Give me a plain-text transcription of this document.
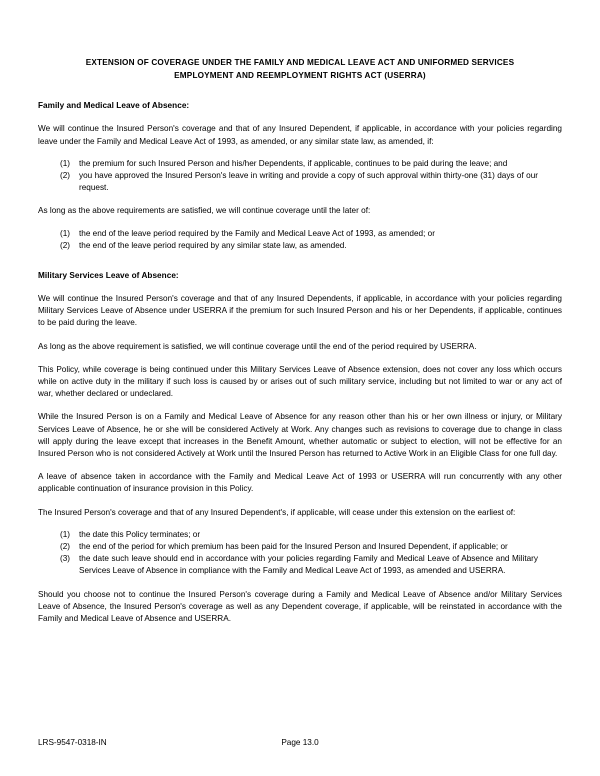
EXTENSION OF COVERAGE UNDER THE FAMILY AND MEDICAL LEAVE ACT AND UNIFORMED SERVICES
EMPLOYMENT AND REEMPLOYMENT RIGHTS ACT (USERRA)
Family and Medical Leave of Absence:

We will continue the Insured Person's coverage and that of any Insured Dependent, if applicable, in accordance with your policies regarding leave under the Family and Medical Leave Act of 1993, as amended, or any similar state law, as amended, if:

(1)	the premium for such Insured Person and his/her Dependents, if applicable, continues to be paid during the leave; and
(2)	you have approved the Insured Person's leave in writing and provide a copy of such approval within thirty-one (31) days of our request.

As long as the above requirements are satisfied, we will continue coverage until the later of:

(1)	the end of the leave period required by the Family and Medical Leave Act of 1993, as amended; or
(2)	the end of the leave period required by any similar state law, as amended.
Military Services Leave of Absence:

We will continue the Insured Person's coverage and that of any Insured Dependents, if applicable, in accordance with your policies regarding Military Services Leave of Absence under USERRA if the premium for such Insured Person and his or her Dependents, if applicable, continues to be paid during the leave.

As long as the above requirement is satisfied, we will continue coverage until the end of the period required by USERRA.

This Policy, while coverage is being continued under this Military Services Leave of Absence extension, does not cover any loss which occurs while on active duty in the military if such loss is caused by or arises out of such military service, including but not limited to war or any act of war, whether declared or undeclared.

While the Insured Person is on a Family and Medical Leave of Absence for any reason other than his or her own illness or injury, or Military Services Leave of Absence, he or she will be considered Actively at Work. Any changes such as revisions to coverage due to change in class will apply during the leave except that increases in the Benefit Amount, whether automatic or subject to election, will not be effective for an Insured Person who is not considered Actively at Work until the Insured Person has returned to Active Work in an Eligible Class for one full day.

A leave of absence taken in accordance with the Family and Medical Leave Act of 1993 or USERRA will run concurrently with any other applicable continuation of insurance provision in this Policy.

The Insured Person's coverage and that of any Insured Dependent's, if applicable, will cease under this extension on the earliest of:

(1)	the date this Policy terminates; or
(2)	the end of the period for which premium has been paid for the Insured Person and Insured Dependent, if applicable; or
(3)	the date such leave should end in accordance with your policies regarding Family and Medical Leave of Absence and Military Services Leave of Absence in compliance with the Family and Medical Leave Act of 1993, as amended and USERRA.

Should you choose not to continue the Insured Person's coverage during a Family and Medical Leave of Absence and/or Military Services Leave of Absence, the Insured Person's coverage as well as any Dependent coverage, if applicable, will be reinstated in accordance with the Family and Medical Leave of Absence and USERRA.

LRS-9547-0318-IN	Page 13.0
